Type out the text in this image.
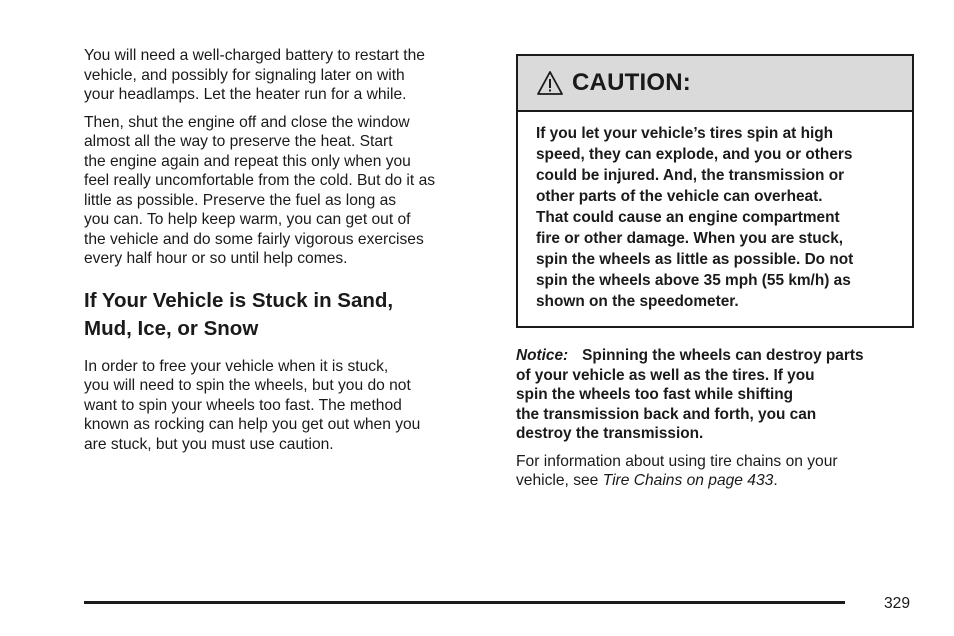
You will need a well-charged battery to restart the
vehicle, and possibly for signaling later on with
your headlamps. Let the heater run for a while.

Then, shut the engine off and close the window
almost all the way to preserve the heat. Start
the engine again and repeat this only when you
feel really uncomfortable from the cold. But do it as
little as possible. Preserve the fuel as long as
you can. To help keep warm, you can get out of
the vehicle and do some fairly vigorous exercises
every half hour or so until help comes.

If Your Vehicle is Stuck in Sand,
Mud, Ice, or Snow

In order to free your vehicle when it is stuck,
you will need to spin the wheels, but you do not
want to spin your wheels too fast. The method
known as rocking can help you get out when you
are stuck, but you must use caution.

CAUTION:
If you let your vehicle’s tires spin at high
speed, they can explode, and you or others
could be injured. And, the transmission or
other parts of the vehicle can overheat.
That could cause an engine compartment
fire or other damage. When you are stuck,
spin the wheels as little as possible. Do not
spin the wheels above 35 mph (55 km/h) as
shown on the speedometer.

Notice: Spinning the wheels can destroy parts
of your vehicle as well as the tires. If you
spin the wheels too fast while shifting
the transmission back and forth, you can
destroy the transmission.

For information about using tire chains on your
vehicle, see Tire Chains on page 433.

329
